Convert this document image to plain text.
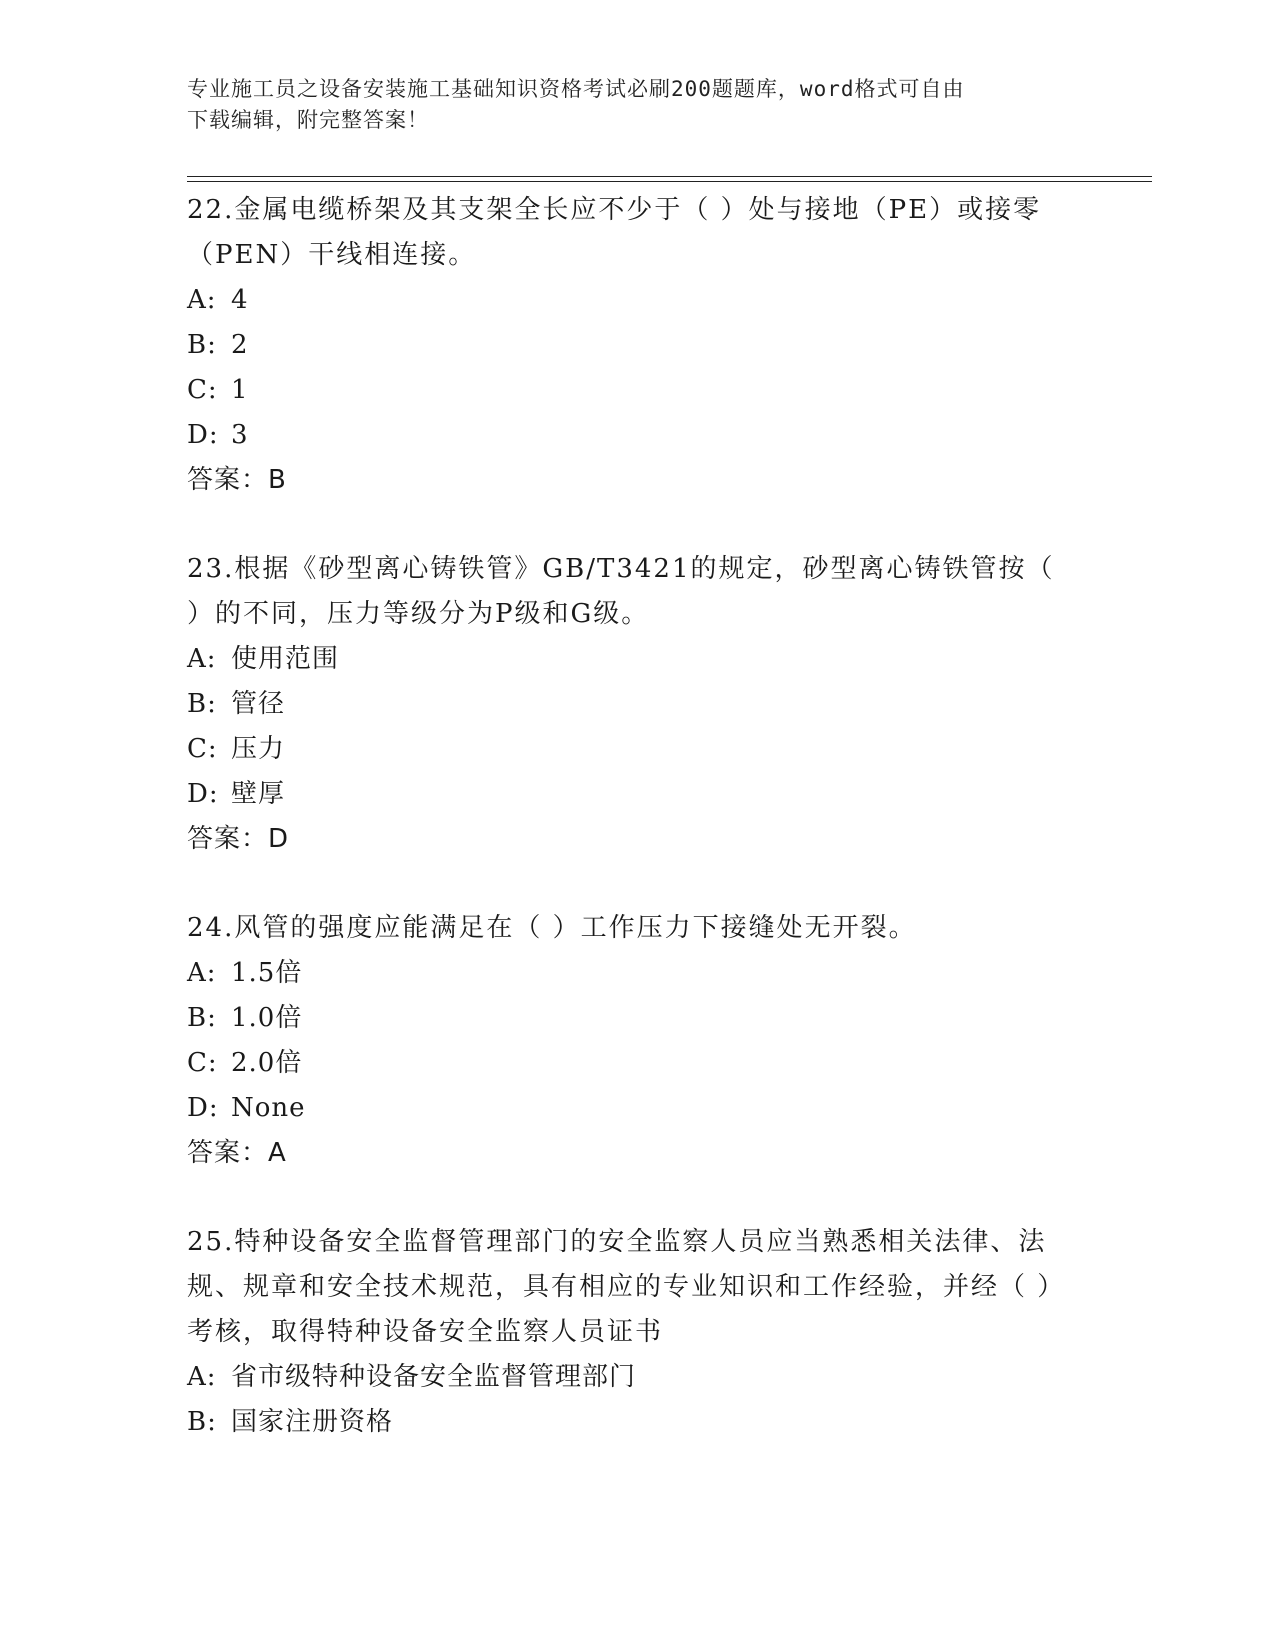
专业施工员之设备安装施工基础知识资格考试必刷200题题库，word格式可自由
下载编辑，附完整答案！

22.金属电缆桥架及其支架全长应不少于（ ）处与接地（PE）或接零（PEN）干线相连接。

A: 4

B: 2

C: 1

D: 3

答案：B

23.根据《砂型离心铸铁管》GB/T3421的规定，砂型离心铸铁管按（ ）的不同，压力等级分为P级和G级。

A: 使用范围

B: 管径

C: 压力

D: 壁厚

答案：D

24.风管的强度应能满足在（ ）工作压力下接缝处无开裂。

A: 1.5倍

B: 1.0倍

C: 2.0倍

D: None

答案：A

25.特种设备安全监督管理部门的安全监察人员应当熟悉相关法律、法规、规章和安全技术规范，具有相应的专业知识和工作经验，并经（ ）考核，取得特种设备安全监察人员证书

A: 省市级特种设备安全监督管理部门

B: 国家注册资格
